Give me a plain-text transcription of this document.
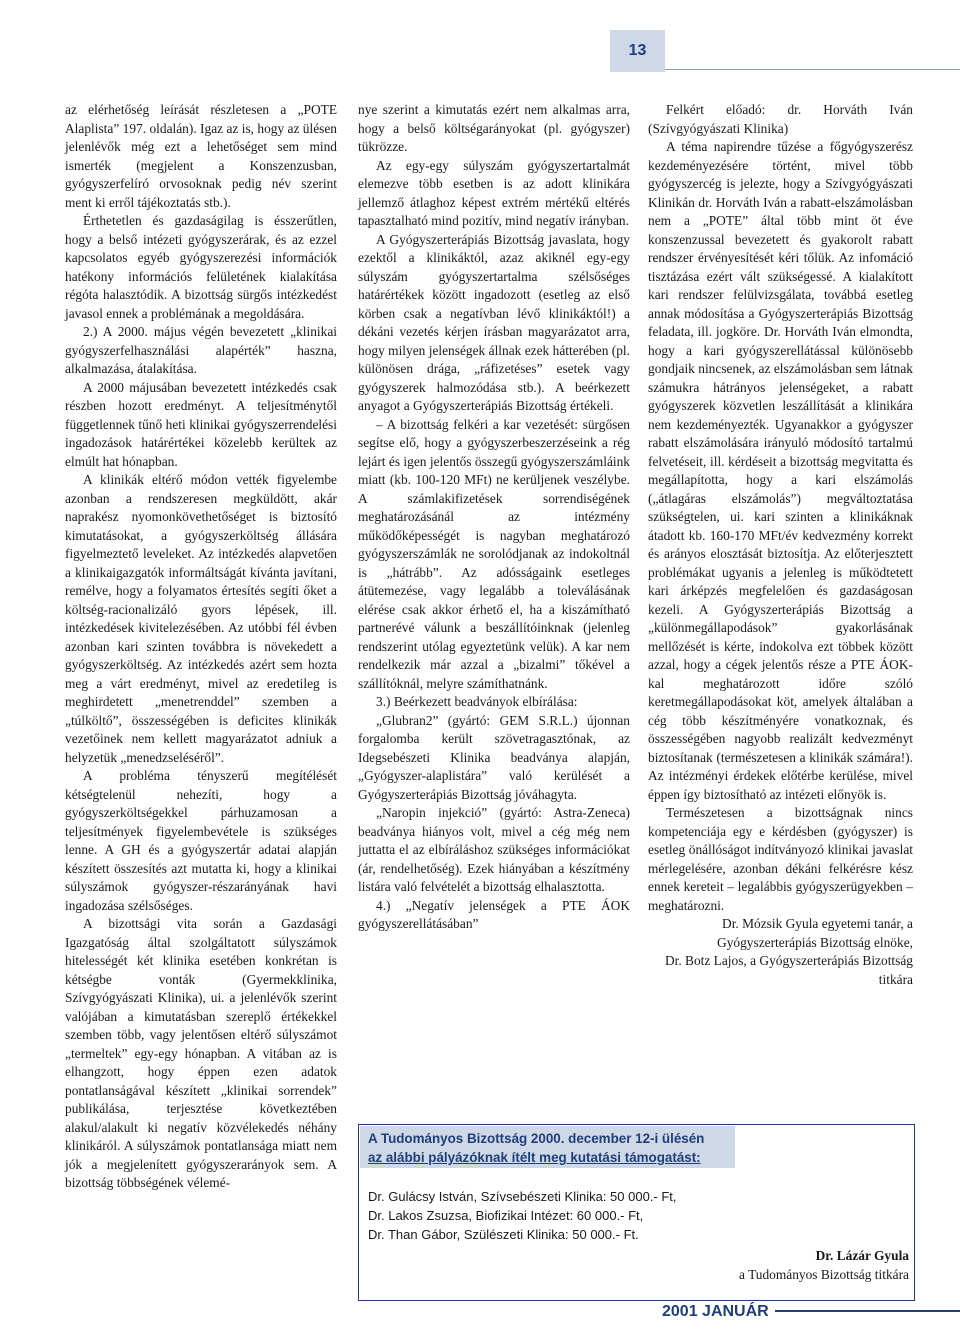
13

az elérhetőség leírását részletesen a „POTE Alaplista” 197. oldalán). Igaz az is, hogy az ülésen jelenlévők még ezt a lehetőséget sem mind ismerték (megjelent a Konszenzusban, gyógyszerfelíró orvosoknak pedig név szerint ment ki erről tájékoztatás stb.).

Érthetetlen és gazdaságilag is ésszerűtlen, hogy a belső intézeti gyógyszerárak, és az ezzel kapcsolatos egyéb gyógyszerezési információk hatékony információs felületének kialakítása régóta halasztódik. A bizottság sürgős intézkedést javasol ennek a problémának a megoldására.

2.) A 2000. május végén bevezetett „klinikai gyógyszerfelhasználási alapérték” haszna, alkalmazása, átalakítása.

A 2000 májusában bevezetett intézkedés csak részben hozott eredményt. A teljesítménytől függetlennek tűnő heti klinikai gyógyszerrendelési ingadozások határértékei közelebb kerültek az elmúlt hat hónapban.

A klinikák eltérő módon vették figyelembe azonban a rendszeresen megküldött, akár naprakész nyomonkövethetőséget is biztosító kimutatásokat, a gyógyszerköltség állására figyelmeztető leveleket. Az intézkedés alapvetően a klinikaigazgatók informáltságát kívánta javítani, remélve, hogy a folyamatos értesítés segíti őket a költség-racionalizáló gyors lépések, ill. intézkedések kivitelezésében. Az utóbbi fél évben azonban kari szinten továbbra is növekedett a gyógyszerköltség. Az intézkedés azért sem hozta meg a várt eredményt, mivel az eredetileg is meghirdetett „menetrenddel” szemben a „túlköltő”, összességében is deficites klinikák vezetőinek nem kellett magyarázatot adniuk a helyzetük „menedzseléséről”.

A probléma tényszerű megítélését kétségtelenül nehezíti, hogy a gyógyszerköltségekkel párhuzamosan a teljesítmények figyelembevétele is szükséges lenne. A GH és a gyógyszertár adatai alapján készített összesítés azt mutatta ki, hogy a klinikai súlyszámok gyógyszer-részarányának havi ingadozása szélsőséges.

A bizottsági vita során a Gazdasági Igazgatóság által szolgáltatott súlyszámok hitelességét két klinika esetében konkrétan is kétségbe vonták (Gyermekklinika, Szívgyógyászati Klinika), ui. a jelenlévők szerint valójában a kimutatásban szereplő értékekkel szemben több, vagy jelentősen eltérő súlyszámot „termeltek” egy-egy hónapban. A vitában az is elhangzott, hogy éppen ezen adatok pontatlanságával készített „klinikai sorrendek” publikálása, terjesztése következtében alakul/alakult ki negatív közvélekedés néhány klinikáról. A súlyszámok pontatlansága miatt nem jók a megjelenített gyógyszerarányok sem. A bizottság többségének vélemé-

nye szerint a kimutatás ezért nem alkalmas arra, hogy a belső költségarányokat (pl. gyógyszer) tükrözze.

Az egy-egy súlyszám gyógyszertartalmát elemezve több esetben is az adott klinikára jellemző átlaghoz képest extrém mértékű eltérés tapasztalható mind pozitív, mind negatív irányban.

A Gyógyszerterápiás Bizottság javaslata, hogy ezektől a klinikáktól, azaz akiknél egy-egy súlyszám gyógyszertartalma szélsőséges határértékek között ingadozott (esetleg az első körben csak a negatívban lévő klinikáktól!) a dékáni vezetés kérjen írásban magyarázatot arra, hogy milyen jelenségek állnak ezek hátterében (pl. különösen drága, „ráfizetéses” esetek vagy gyógyszerek halmozódása stb.). A beérkezett anyagot a Gyógyszerterápiás Bizottság értékeli.

– A bizottság felkéri a kar vezetését: sürgősen segítse elő, hogy a gyógyszerbeszerzéseink a rég lejárt és igen jelentős összegű gyógyszerszámláink miatt (kb. 100-120 MFt) ne kerüljenek veszélybe. A számlakifizetések sorrendiségének meghatározásánál az intézmény működőképességét is nagyban meghatározó gyógyszerszámlák ne sorolódjanak az indokoltnál is „hátrább”. Az adósságaink esetleges átütemezése, vagy legalább a toleválásának elérése csak akkor érhető el, ha a kiszámítható partnerévé válunk a beszállítóinknak (jelenleg rendszerint utólag egyeztetünk velük). A kar nem rendelkezik már azzal a „bizalmi” tőkével a szállítóknál, melyre számíthatnánk.

3.) Beérkezett beadványok elbírálása:

„Glubran2” (gyártó: GEM S.R.L.) újonnan forgalomba került szövetragasztónak, az Idegsebészeti Klinika beadványa alapján, „Gyógyszer-alaplistára” való kerülését a Gyógyszerterápiás Bizottság jóváhagyta.

„Naropin injekció” (gyártó: Astra-Zeneca) beadványa hiányos volt, mivel a cég még nem juttatta el az elbíráláshoz szükséges információkat (ár, rendelhetőség). Ezek hiányában a készítmény listára való felvételét a bizottság elhalasztotta.

4.) „Negatív jelenségek a PTE ÁOK gyógyszerellátásában”

Felkért előadó: dr. Horváth Iván (Szívgyógyászati Klinika)

A téma napirendre tűzése a főgyógyszerész kezdeményezésére történt, mivel több gyógyszercég is jelezte, hogy a Szívgyógyászati Klinikán dr. Horváth Iván a rabatt-elszámolásban nem a „POTE” által több mint öt éve konszenzussal bevezetett és gyakorolt rabatt rendszer érvényesítését kéri tőlük. Az infomáció tisztázása ezért vált szükségessé. A kialakított kari rendszer felülvizsgálata, továbbá esetleg annak módosítása a Gyógyszerterápiás Bizottság feladata, ill. jogköre. Dr. Horváth Iván elmondta, hogy a kari gyógyszerellátással különösebb gondjaik nincsenek, az elszámolásban sem látnak számukra hátrányos jelenségeket, a rabatt gyógyszerek közvetlen leszállítását a klinikára nem kezdeményezték. Ugyanakkor a gyógyszer rabatt elszámolására irányuló módosító tartalmú felvetéseit, ill. kérdéseit a bizottság megvitatta és megállapította, hogy a kari elszámolás („átlagáras elszámolás”) megváltoztatása szükségtelen, ui. kari szinten a klinikáknak átadott kb. 160-170 MFt/év kedvezmény korrekt és arányos elosztását biztosítja. Az előterjesztett problémákat ugyanis a jelenleg is működtetett kari árképzés megfelelően és gazdaságosan kezeli. A Gyógyszerterápiás Bizottság a „különmegállapodások” gyakorlásának mellőzését is kérte, indokolva ezt többek között azzal, hogy a cégek jelentős része a PTE ÁOK-kal meghatározott időre szóló keretmegállapodásokat köt, amelyek általában a cég több készítményére vonatkoznak, és összességében nagyobb realizált kedvezményt biztosítanak (természetesen a klinikák számára!). Az intézményi érdekek előtérbe kerülése, mivel éppen így biztosítható az intézeti előnyök is.

Természetesen a bizottságnak nincs kompetenciája egy e kérdésben (gyógyszer) is esetleg önállóságot indítványozó klinikai javaslat mérlegelésére, azonban dékáni felkérésre kész ennek kereteit – legalábbis gyógyszerügyekben – meghatározni.

Dr. Mózsik Gyula egyetemi tanár, a Gyógyszerterápiás Bizottság elnöke,

Dr. Botz Lajos, a Gyógyszerterápiás Bizottság titkára

A Tudományos Bizottság 2000. december 12-i ülésén
az alábbi pályázóknak ítélt meg kutatási támogatást:
Dr. Gulácsy István, Szívsebészeti Klinika: 50 000.- Ft,
Dr. Lakos Zsuzsa, Biofizikai Intézet: 60 000.- Ft,
Dr. Than Gábor, Szülészeti Klinika: 50 000.- Ft.
Dr. Lázár Gyula
a Tudományos Bizottság titkára
2001 JANUÁR
